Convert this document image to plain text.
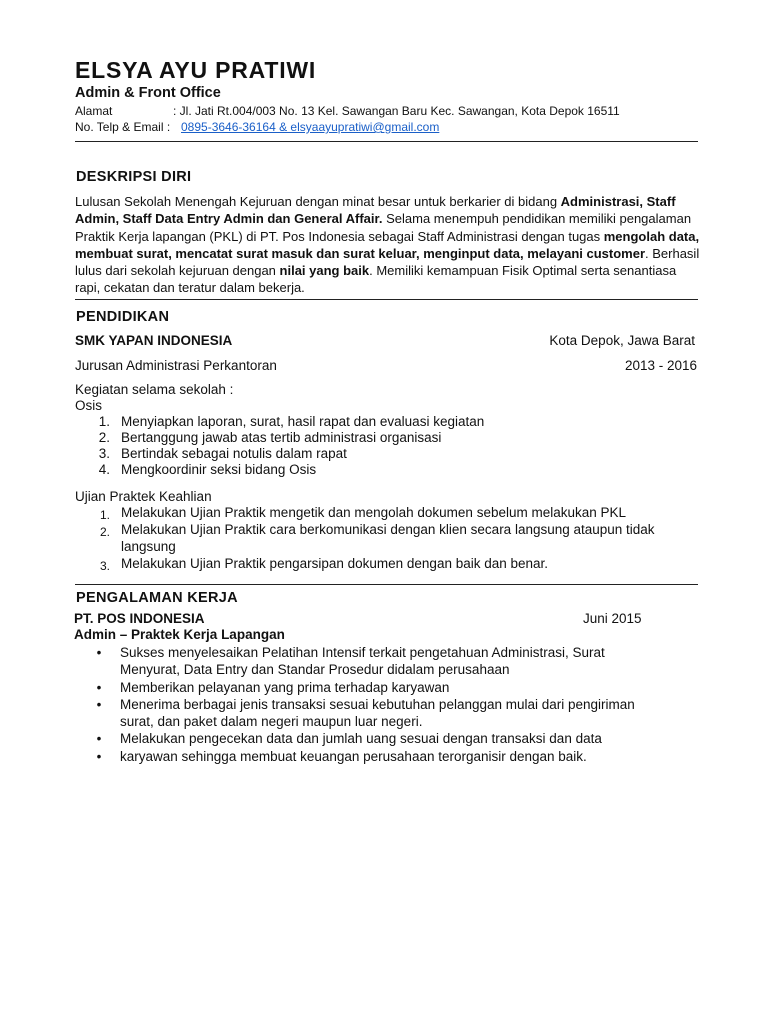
ELSYA AYU PRATIWI
Admin & Front Office
Alamat	: Jl. Jati Rt.004/003 No. 13 Kel. Sawangan Baru Kec. Sawangan, Kota Depok 16511
No. Telp & Email : 0895-3646-36164 & elsyaayupratiwi@gmail.com
DESKRIPSI DIRI
Lulusan Sekolah Menengah Kejuruan dengan minat besar untuk berkarier di bidang Administrasi, Staff Admin, Staff Data Entry Admin dan General Affair. Selama menempuh pendidikan memiliki pengalaman Praktik Kerja lapangan (PKL) di PT. Pos Indonesia sebagai Staff Administrasi dengan tugas mengolah data, membuat surat, mencatat surat masuk dan surat keluar, menginput data, melayani customer. Berhasil lulus dari sekolah kejuruan dengan nilai yang baik. Memiliki kemampuan Fisik Optimal serta senantiasa rapi, cekatan dan teratur dalam bekerja.
PENDIDIKAN
SMK YAPAN INDONESIA	Kota Depok, Jawa Barat
Jurusan Administrasi Perkantoran	2013 - 2016
Kegiatan selama sekolah :
Osis
1. Menyiapkan laporan, surat, hasil rapat dan evaluasi kegiatan
2. Bertanggung jawab atas tertib administrasi organisasi
3. Bertindak sebagai notulis dalam rapat
4. Mengkoordinir seksi bidang Osis
Ujian Praktek Keahlian
1. Melakukan Ujian Praktik mengetik dan mengolah dokumen sebelum melakukan PKL
2. Melakukan Ujian Praktik cara berkomunikasi dengan klien secara langsung ataupun tidak
langsung
3. Melakukan Ujian Praktik pengarsipan dokumen dengan baik dan benar.
PENGALAMAN KERJA
PT. POS INDONESIA	Juni 2015
Admin – Praktek Kerja Lapangan
• Sukses menyelesaikan Pelatihan Intensif terkait pengetahuan Administrasi, Surat
Menyurat, Data Entry dan Standar Prosedur didalam perusahaan
• Memberikan pelayanan yang prima terhadap karyawan
• Menerima berbagai jenis transaksi sesuai kebutuhan pelanggan mulai dari pengiriman
surat, dan paket dalam negeri maupun luar negeri.
• Melakukan pengecekan data dan jumlah uang sesuai dengan transaksi dan data
• karyawan sehingga membuat keuangan perusahaan terorganisir dengan baik.
